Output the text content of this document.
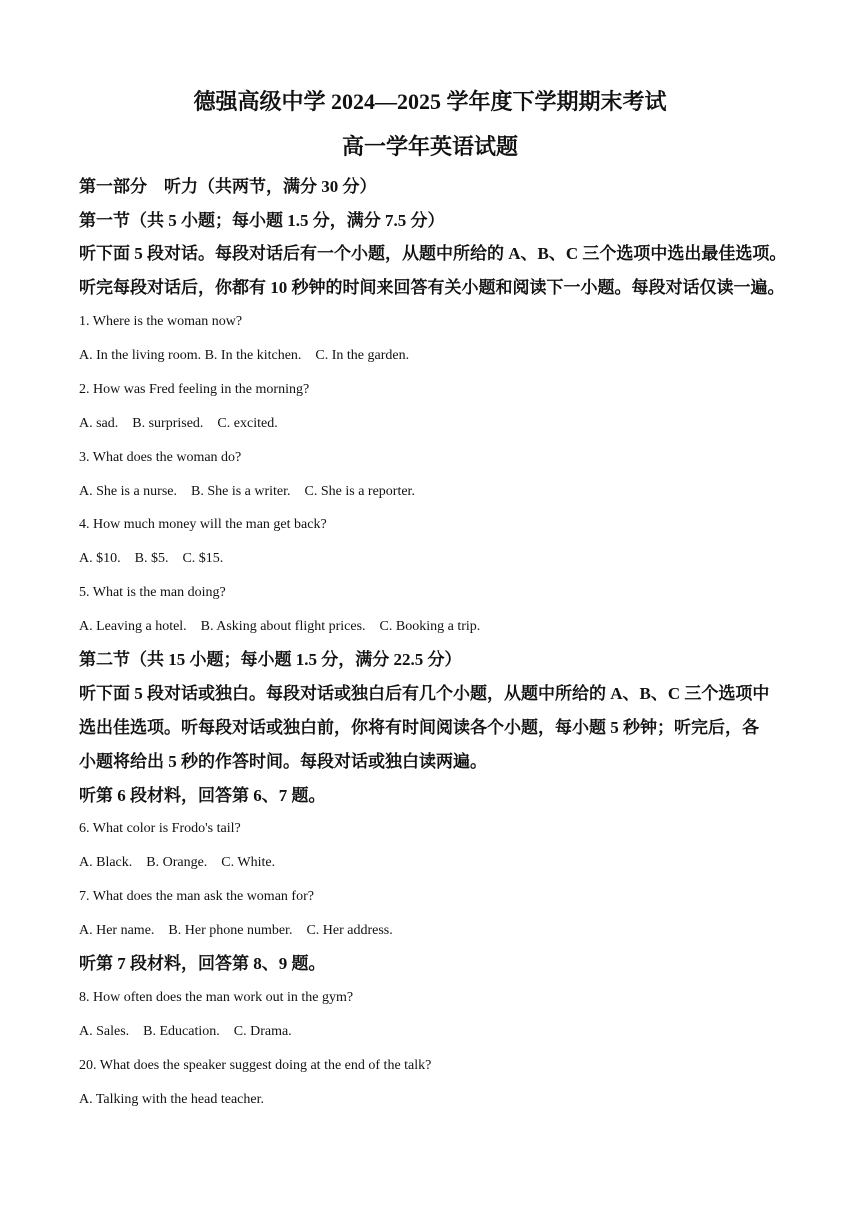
德强高级中学 2024—2025 学年度下学期期末考试
高一学年英语试题
第一部分　听力（共两节，满分 30 分）
第一节（共 5 小题；每小题 1.5 分，满分 7.5 分）
听下面 5 段对话。每段对话后有一个小题，从题中所给的 A、B、C 三个选项中选出最佳选项。
听完每段对话后，你都有 10 秒钟的时间来回答有关小题和阅读下一小题。每段对话仅读一遍。
1. Where is the woman now?
A. In the living room. B. In the kitchen.　C. In the garden.
2. How was Fred feeling in the morning?
A. sad.　B. surprised.　C. excited.
3. What does the woman do?
A. She is a nurse.　B. She is a writer.　C. She is a reporter.
4. How much money will the man get back?
A. $10.　B. $5.　C. $15.
5. What is the man doing?
A. Leaving a hotel.　B. Asking about flight prices.　C. Booking a trip.
第二节（共 15 小题；每小题 1.5 分，满分 22.5 分）
听下面 5 段对话或独白。每段对话或独白后有几个小题，从题中所给的 A、B、C 三个选项中
选出佳选项。听每段对话或独白前，你将有时间阅读各个小题，每小题 5 秒钟；听完后，各
小题将给出 5 秒的作答时间。每段对话或独白读两遍。
听第 6 段材料，回答第 6、7 题。
6. What color is Frodo's tail?
A. Black.　B. Orange.　C. White.
7. What does the man ask the woman for?
A. Her name.　B. Her phone number.　C. Her address.
听第 7 段材料，回答第 8、9 题。
8. How often does the man work out in the gym?
A. Sales.　B. Education.　C. Drama.
20. What does the speaker suggest doing at the end of the talk?
A. Talking with the head teacher.
